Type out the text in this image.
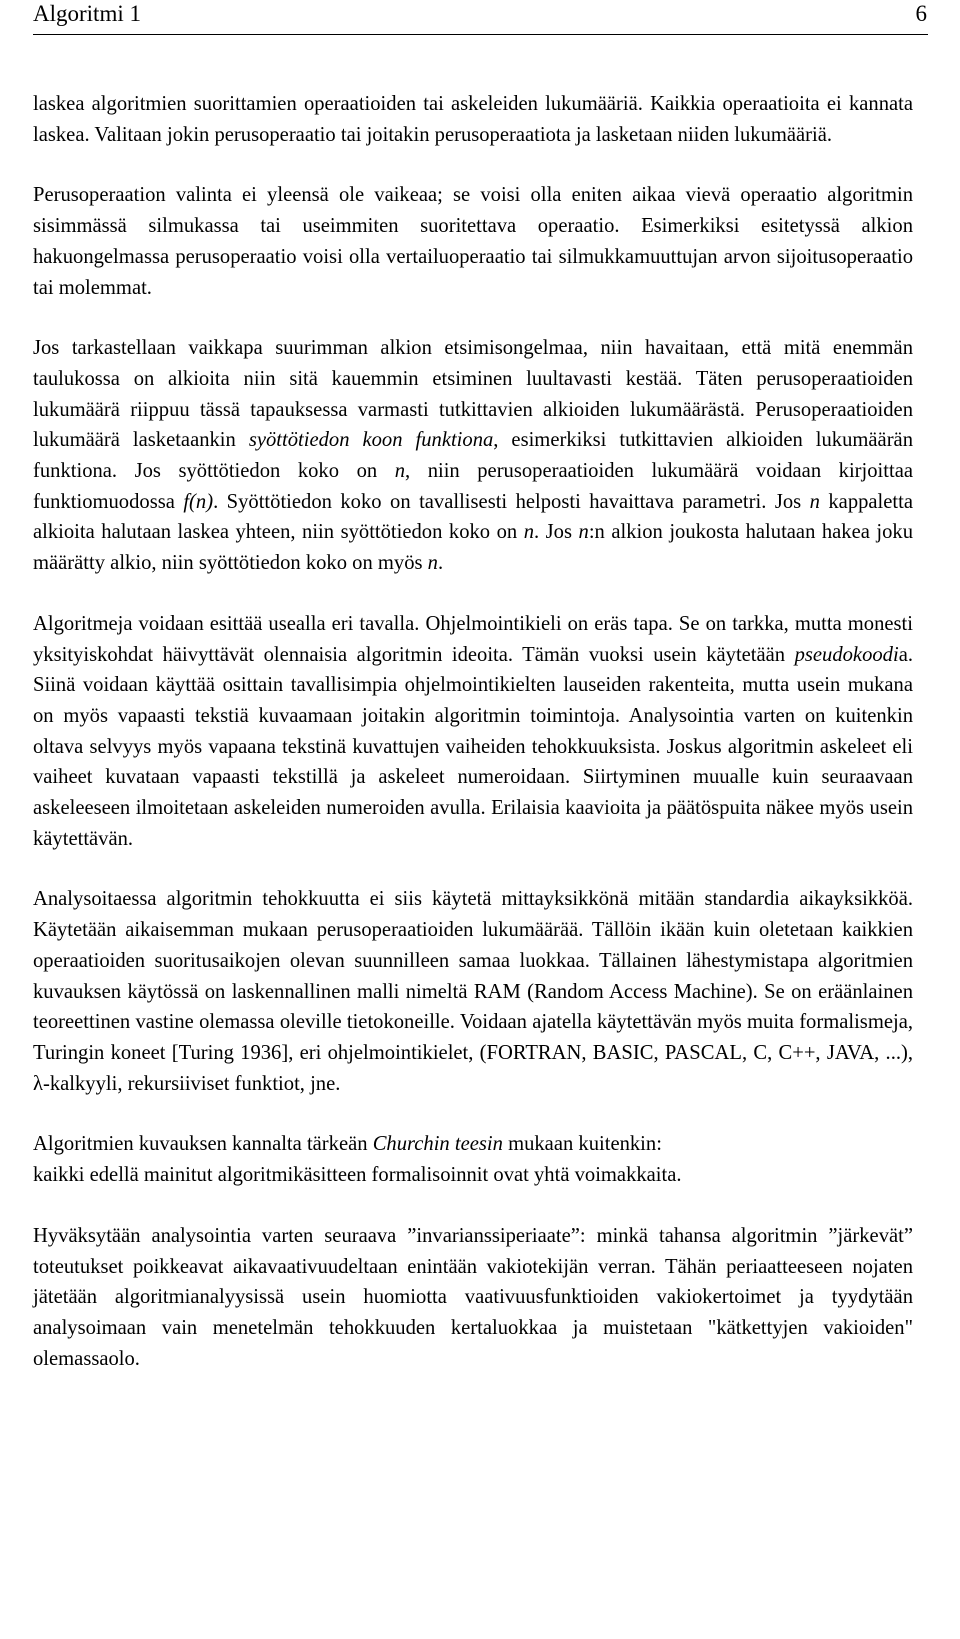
Algoritmi 1	6

laskea algoritmien suorittamien operaatioiden tai askeleiden lukumääriä. Kaikkia operaatioita ei kannata laskea. Valitaan jokin perusoperaatio tai joitakin perusoperaatiota ja lasketaan niiden lukumääriä.

Perusoperaation valinta ei yleensä ole vaikeaa; se voisi olla eniten aikaa vievä operaatio algoritmin sisimmässä silmukassa tai useimmiten suoritettava operaatio. Esimerkiksi esitetyssä alkion hakuongelmassa perusoperaatio voisi olla vertailuoperaatio tai silmukkamuuttujan arvon sijoitusoperaatio tai molemmat.

Jos tarkastellaan vaikkapa suurimman alkion etsimisongelmaa, niin havaitaan, että mitä enemmän taulukossa on alkioita niin sitä kauemmin etsiminen luultavasti kestää. Täten perusoperaatioiden lukumäärä riippuu tässä tapauksessa varmasti tutkittavien alkioiden lukumäärästä. Perusoperaatioiden lukumäärä lasketaankin syöttötiedon koon funktiona, esimerkiksi tutkittavien alkioiden lukumäärän funktiona. Jos syöttötiedon koko on n, niin perusoperaatioiden lukumäärä voidaan kirjoittaa funktiomuodossa f(n). Syöttötiedon koko on tavallisesti helposti havaittava parametri. Jos n kappaletta alkioita halutaan laskea yhteen, niin syöttötiedon koko on n. Jos n:n alkion joukosta halutaan hakea joku määrätty alkio, niin syöttötiedon koko on myös n.

Algoritmeja voidaan esittää usealla eri tavalla. Ohjelmointikieli on eräs tapa. Se on tarkka, mutta monesti yksityiskohdat häivyttävät olennaisia algoritmin ideoita. Tämän vuoksi usein käytetään pseudokoodia. Siinä voidaan käyttää osittain tavallisimpia ohjelmointikielten lauseiden rakenteita, mutta usein mukana on myös vapaasti tekstiä kuvaamaan joitakin algoritmin toimintoja. Analysointia varten on kuitenkin oltava selvyys myös vapaana tekstinä kuvattujen vaiheiden tehokkuuksista. Joskus algoritmin askeleet eli vaiheet kuvataan vapaasti tekstillä ja askeleet numeroidaan. Siirtyminen muualle kuin seuraavaan askeleeseen ilmoitetaan askeleiden numeroiden avulla. Erilaisia kaavioita ja päätöspuita näkee myös usein käytettävän.

Analysoitaessa algoritmin tehokkuutta ei siis käytetä mittayksikkönä mitään standardia aikayksikköä. Käytetään aikaisemman mukaan perusoperaatioiden lukumäärää. Tällöin ikään kuin oletetaan kaikkien operaatioiden suoritusaikojen olevan suunnilleen samaa luokkaa. Tällainen lähestymistapa algoritmien kuvauksen käytössä on laskennallinen malli nimeltä RAM (Random Access Machine). Se on eräänlainen teoreettinen vastine olemassa oleville tietokoneille. Voidaan ajatella käytettävän myös muita formalismeja, Turingin koneet [Turing 1936], eri ohjelmointikielet, (FORTRAN, BASIC, PASCAL, C, C++, JAVA, ...), λ-kalkyyli, rekursiiviset funktiot, jne.

Algoritmien kuvauksen kannalta tärkeän Churchin teesin mukaan kuitenkin:
kaikki edellä mainitut algoritmikäsitteen formalisoinnit ovat yhtä voimakkaita.

Hyväksytään analysointia varten seuraava ”invarianssiperiaate”: minkä tahansa algoritmin ”järkevät” toteutukset poikkeavat aikavaativuudeltaan enintään vakiotekijän verran. Tähän periaatteeseen nojaten jätetään algoritmianalyysissä usein huomiotta vaativuusfunktioiden vakiokertoimet ja tyydytään analysoimaan vain menetelmän tehokkuuden kertaluokkaa ja muistetaan "kätkettyjen vakioiden" olemassaolo.
